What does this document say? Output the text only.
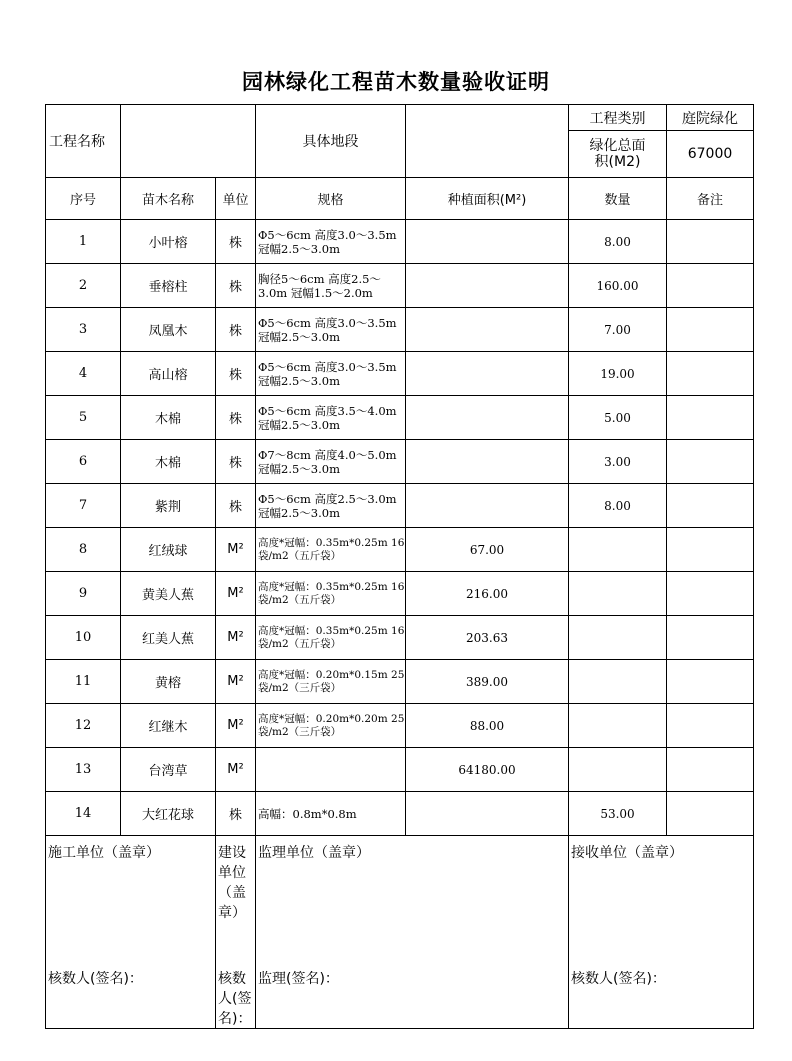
园林绿化工程苗木数量验收证明
工程名称			具体地段		工程类别	庭院绿化
					绿化总面积(M2)	67000
序号	苗木名称	单位	规格	种植面积(M²)	数量	备注
1	小叶榕	株	Φ5～6cm 高度3.0～3.5m 冠幅2.5～3.0m		8.00	
2	垂榕柱	株	胸径5～6cm 高度2.5～3.0m 冠幅1.5～2.0m		160.00	
3	凤凰木	株	Φ5～6cm 高度3.0～3.5m 冠幅2.5～3.0m		7.00	
4	高山榕	株	Φ5～6cm 高度3.0～3.5m 冠幅2.5～3.0m		19.00	
5	木棉	株	Φ5～6cm 高度3.5～4.0m 冠幅2.5～3.0m		5.00	
6	木棉	株	Φ7～8cm 高度4.0～5.0m 冠幅2.5～3.0m		3.00	
7	紫荆	株	Φ5～6cm 高度2.5～3.0m 冠幅2.5～3.0m		8.00	
8	红绒球	M²	高度*冠幅：0.35m*0.25m 16袋/m2（五斤袋）	67.00		
9	黄美人蕉	M²	高度*冠幅：0.35m*0.25m 16袋/m2（五斤袋）	216.00		
10	红美人蕉	M²	高度*冠幅：0.35m*0.25m 16袋/m2（五斤袋）	203.63		
11	黄榕	M²	高度*冠幅：0.20m*0.15m 25袋/m2（三斤袋）	389.00		
12	红继木	M²	高度*冠幅：0.20m*0.20m 25袋/m2（三斤袋）	88.00		
13	台湾草	M²		64180.00		
14	大红花球	株	高幅：0.8m*0.8m		53.00	

施工单位（盖章）
核数人(签名)：		建设单位（盖章）
核数人(签名)：	监理单位（盖章）
监理(签名)：		接收单位（盖章）
核数人(签名)：	
